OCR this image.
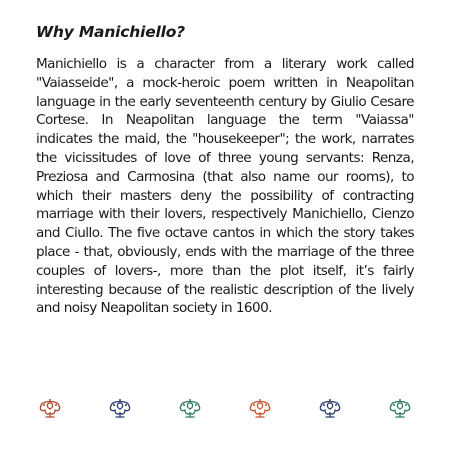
Why Manichiello?

Manichiello is a character from a literary work called "Vaiasseide", a mock-heroic poem written in Neapolitan language in the early seventeenth century by Giulio Cesare Cortese. In Neapolitan language the term "Vaiassa" indicates the maid, the "housekeeper"; the work, narrates the vicissitudes of love of three young servants: Renza, Preziosa and Carmosina (that also name our rooms), to which their masters deny the possibility of contracting marriage with their lovers, respectively Manichiello, Cienzo and Ciullo. The five octave cantos in which the story takes place - that, obviously, ends with the marriage of the three couples of lovers-, more than the plot itself, it’s fairly interesting because of the realistic description of the lively and noisy Neapolitan society in 1600.
